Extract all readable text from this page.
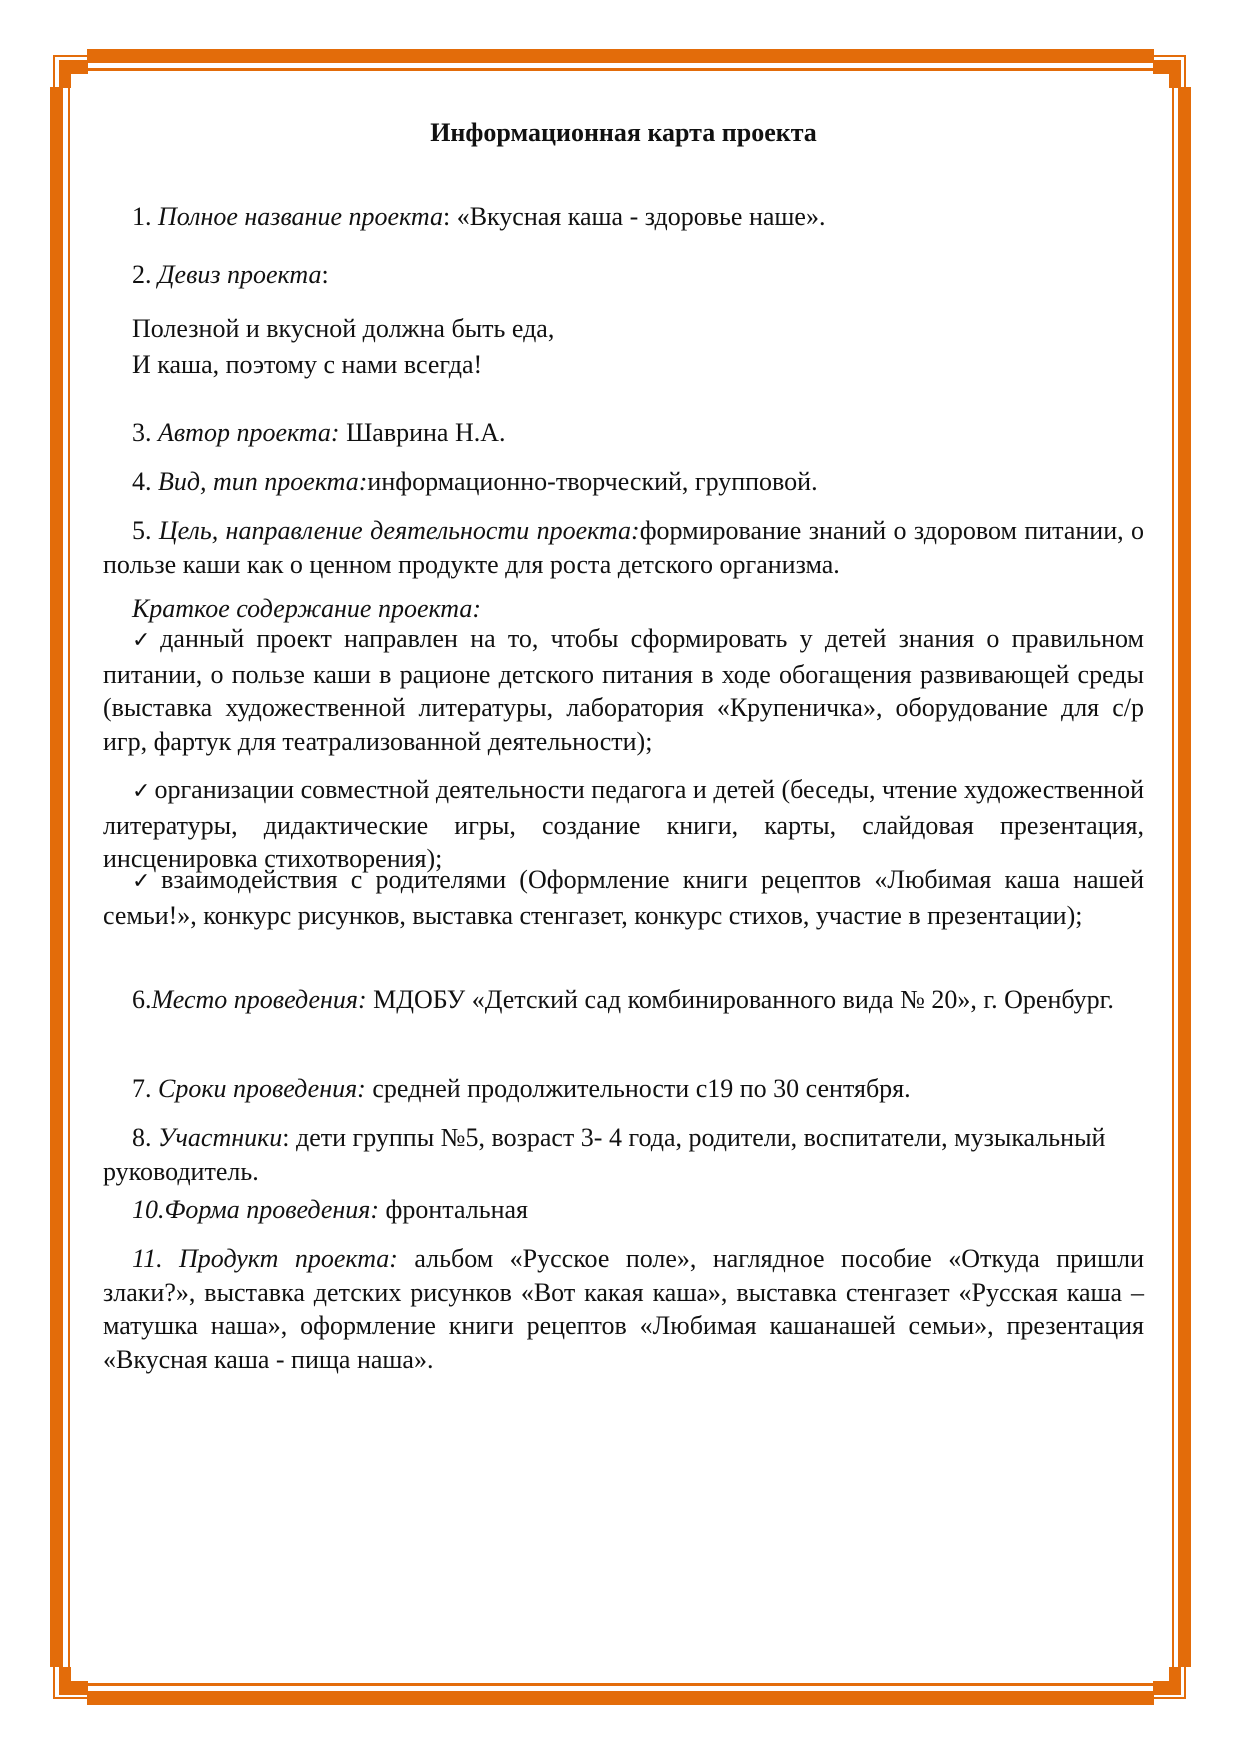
Информационная карта проекта

1. Полное название проекта: «Вкусная каша - здоровье наше».

2. Девиз проекта:

Полезной и вкусной должна быть еда,
И каша, поэтому с нами всегда!

3. Автор проекта: Шаврина Н.А.

4. Вид, тип проекта:информационно-творческий, групповой.

5. Цель, направление деятельности проекта:формирование знаний о здоровом питании, о пользе каши как о ценном продукте для роста детского организма.

Краткое содержание проекта:

✓ данный проект направлен на то, чтобы сформировать у детей знания о правильном питании, о пользе каши в рационе детского питания в ходе обогащения развивающей среды (выставка художественной литературы, лаборатория «Крупеничка», оборудование для с/р игр, фартук для театрализованной деятельности);

✓ организации совместной деятельности педагога и детей (беседы, чтение художественной литературы, дидактические игры, создание книги, карты, слайдовая презентация, инсценировка стихотворения);

✓ взаимодействия с родителями (Оформление книги рецептов «Любимая каша нашей семьи!», конкурс рисунков, выставка стенгазет, конкурс стихов, участие в презентации);

6.Место проведения: МДОБУ «Детский сад комбинированного вида № 20», г. Оренбург.

7. Сроки проведения: средней продолжительности с19 по 30 сентября.

8. Участники: дети группы №5, возраст 3- 4 года, родители, воспитатели, музыкальный руководитель.

10.Форма проведения: фронтальная

11. Продукт проекта: альбом «Русское поле», наглядное пособие «Откуда пришли злаки?», выставка детских рисунков «Вот какая каша», выставка стенгазет «Русская каша – матушка наша», оформление книги рецептов «Любимая кашанашей семьи», презентация «Вкусная каша - пища наша».
